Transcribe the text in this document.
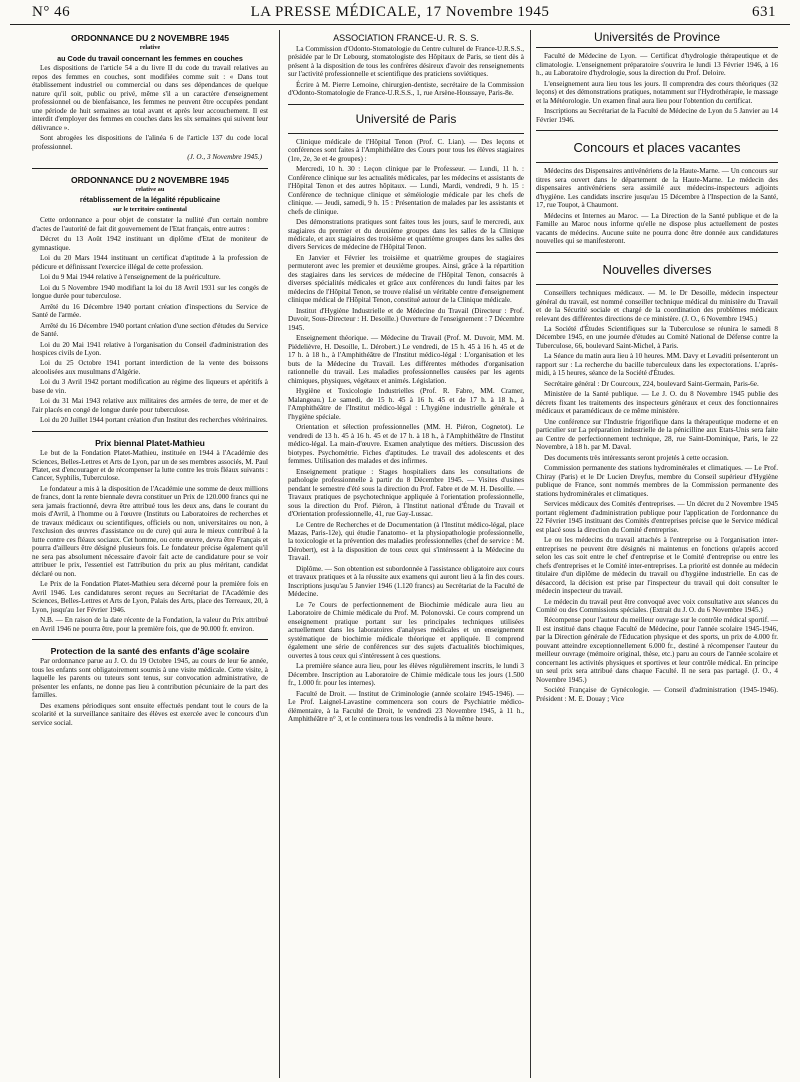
N° 46	LA PRESSE MÉDICALE, 17 Novembre 1945	631
ORDONNANCE DU 2 NOVEMBRE 1945
relative
au Code du travail concernant les femmes en couches

Les dispositions de l'article 54 a du livre II du code du travail relatives au repos des femmes en couches, sont modifiées comme suit : « Dans tout établissement industriel ou commercial ou dans ses dépendances de quelque nature qu'il soit, public ou privé, même s'il a un caractère d'enseignement professionnel ou de bienfaisance, les femmes ne peuvent être occupées pendant une période de huit semaines au total avant et après leur accouchement. Il est interdit d'employer des femmes en couches dans les six semaines qui suivent leur délivrance ».

Sont abrogées les dispositions de l'alinéa 6 de l'article 137 du code local professionnel.

(J. O., 3 Novembre 1945.)
ORDONNANCE DU 2 NOVEMBRE 1945
relative au
rétablissement de la légalité républicaine
sur le territoire continental

Cette ordonnance a pour objet de constater la nullité d'un certain nombre d'actes de l'autorité de fait dit gouvernement de l'Etat français, entre autres :

Décret du 13 Août 1942 instituant un diplôme d'Etat de moniteur de gymnastique.

Loi du 20 Mars 1944 instituant un certificat d'aptitude à la profession de pédicure et définissant l'exercice illégal de cette profession.

Loi du 9 Mai 1944 relative à l'enseignement de la puériculture.

Loi du 5 Novembre 1940 modifiant la loi du 18 Avril 1931 sur les congés de longue durée pour tuberculose.

Arrêté du 16 Décembre 1940 portant création d'inspections du Service de Santé de l'armée.

Arrêté du 16 Décembre 1940 portant création d'une section d'études du Service de Santé.

Loi du 20 Mai 1941 relative à l'organisation du Conseil d'administration des hospices civils de Lyon.

Loi du 25 Octobre 1941 portant interdiction de la vente des boissons alcoolisées aux musulmans d'Algérie.

Loi du 3 Avril 1942 portant modification au régime des liqueurs et apéritifs à base de vin.

Loi du 31 Mai 1943 relative aux militaires des armées de terre, de mer et de l'air placés en congé de longue durée pour tuberculose.

Loi du 20 Juillet 1944 portant création d'un Institut des recherches vétérinaires.

Prix biennal Platet-Mathieu

Le but de la Fondation Platet-Mathieu, instituée en 1944 à l'Académie des Sciences, Belles-Lettres et Arts de Lyon, par un de ses membres associés, M. Paul Platet, est d'encourager et de récompenser la lutte contre les trois fléaux suivants : Cancer, Syphilis, Tuberculose.

Le fondateur a mis à la disposition de l'Académie une somme de deux millions de francs, dont la rente biennale devra constituer un Prix de 120.000 francs qui ne sera jamais fractionné, devra être attribué tous les deux ans, dans le courant du mois d'Avril, à l'homme ou à l'œuvre (Instituts ou Laboratoires de recherches et de travaux médicaux ou scientifiques, officiels ou non, universitaires ou non, à l'exclusion des œuvres d'assistance ou de cure) qui aura le mieux contribué à la lutte contre ces fléaux sociaux. Cet homme, ou cette œuvre, devra être Français et pourra d'ailleurs être désigné plusieurs fois. Le fondateur précise également qu'il ne sera pas absolument nécessaire d'avoir fait acte de candidature pour se voir attribuer le prix, l'essentiel est l'attribution du prix au plus méritant, candidat déclaré ou non.

Le Prix de la Fondation Platet-Mathieu sera décerné pour la première fois en Avril 1946. Les candidatures seront reçues au Secrétariat de l'Académie des Sciences, Belles-Lettres et Arts de Lyon, Palais des Arts, place des Terreaux, 20, à Lyon, jusqu'au 1er Février 1946.

N.B. — En raison de la date récente de la Fondation, la valeur du Prix attribué en Avril 1946 ne pourra être, pour la première fois, que de 90.000 fr. environ.

Protection de la santé des enfants d'âge scolaire

Par ordonnance parue au J. O. du 19 Octobre 1945, au cours de leur 6e année, tous les enfants sont obligatoirement soumis à une visite médicale. Cette visite, à laquelle les parents ou tuteurs sont tenus, sur convocation administrative, de présenter les enfants, ne donne pas lieu à contribution pécuniaire de la part des familles.

Des examens périodiques sont ensuite effectués pendant tout le cours de la scolarité et la surveillance sanitaire des élèves est exercée avec le concours d'un service social.

ASSOCIATION FRANCE-U. R. S. S.

La Commission d'Odonto-Stomatologie du Centre culturel de France-U.R.S.S., présidée par le Dr Lebourg, stomatologiste des Hôpitaux de Paris, se tient dès à présent à la disposition de tous les confrères désireux d'avoir des renseignements sur l'activité professionnelle et scientifique des praticiens soviétiques.

Écrire à M. Pierre Lemoine, chirurgien-dentiste, secrétaire de la Commission d'Odonto-Stomatologie de France-U.R.S.S., 1, rue Arsène-Houssaye, Paris-8e.

Université de Paris

Clinique médicale de l'Hôpital Tenon (Prof. C. Lian). — Des leçons et conférences sont faites à l'Amphithéâtre des Cours pour tous les élèves stagiaires (1re, 2e, 3e et 4e groupes) :

Mercredi, 10 h. 30 : Leçon clinique par le Professeur. — Lundi, 11 h. : Conférence clinique sur les actualités médicales, par les médecins et assistants de l'Hôpital Tenon et des autres hôpitaux. — Lundi, Mardi, vendredi, 9 h. 15 : Conférence de technique clinique et séméiologie médicale par les chefs de clinique. — Jeudi, samedi, 9 h. 15 : Présentation de malades par les assistants et chefs de clinique.

Des démonstrations pratiques sont faites tous les jours, sauf le mercredi, aux stagiaires du premier et du deuxième groupes dans les salles de la Clinique médicale, et aux stagiaires des troisième et quatrième groupes dans les salles des divers Services de médecine de l'Hôpital Tenon.

En Janvier et Février les troisième et quatrième groupes de stagiaires permuteront avec les premier et deuxième groupes. Ainsi, grâce à la répartition des stagiaires dans les services de médecine de l'Hôpital Tenon, consacrés à diverses spécialités médicales et grâce aux conférences du lundi faites par les médecins de l'Hôpital Tenon, se trouve réalisé un véritable centre d'enseignement clinique médical de l'Hôpital Tenon, constitué autour de la Clinique médicale.

Institut d'Hygiène Industrielle et de Médecine du Travail (Directeur : Prof. Duvoir, Sous-Directeur : H. Desoille.) Ouverture de l'enseignement : 7 Décembre 1945.

Enseignement théorique. — Médecine du Travail (Prof. M. Duvoir, MM. M. Piédelièvre, H. Desoille, L. Dérobert.) Le vendredi, de 15 h. 45 à 16 h. 45 et de 17 h. à 18 h., à l'Amphithéâtre de l'Institut médico-légal : L'organisation et les buts de la Médecine du Travail. Les différentes méthodes d'organisation rationnelle du travail. Les maladies professionnelles causées par les agents chimiques, physiques, végétaux et animés. Législation.

Hygiène et Toxicologie Industrielles (Prof. R. Fabre, MM. Cramer, Malangeau.) Le samedi, de 15 h. 45 à 16 h. 45 et de 17 h. à 18 h., à l'Amphithéâtre de l'Institut médico-légal : L'hygiène industrielle générale et l'hygiène spéciale.

Orientation et sélection professionnelles (MM. H. Piéron, Cognetot). Le vendredi de 13 h. 45 à 16 h. 45 et de 17 h. à 18 h., à l'Amphithéâtre de l'Institut médico-légal. La main-d'œuvre. Examen analytique des métiers. Discussion des biotypes. Psychométrie. Fiches d'aptitudes. Le travail des adolescents et des femmes. Utilisation des malades et des infirmes.

Enseignement pratique : Stages hospitaliers dans les consultations de pathologie professionnelle à partir du 8 Décembre 1945. — Visites d'usines pendant le semestre d'été sous la direction du Prof. Fabre et de M. H. Desoille. — Travaux pratiques de psychotechnique appliquée à l'orientation professionnelle, sous la direction du Prof. Piéron, à l'Institut national d'Étude du Travail et d'Orientation professionnelle, 41, rue Gay-Lussac.

Le Centre de Recherches et de Documentation (à l'Institut médico-légal, place Mazas, Paris-12e), qui étudie l'anatomo- et la physiopathologie professionnelle, la toxicologie et la prévention des maladies professionnelles (chef de service : M. Dérobert), est à la disposition de tous ceux qui s'intéressent à la Médecine du Travail.

Diplôme. — Son obtention est subordonnée à l'assistance obligatoire aux cours et travaux pratiques et à la réussite aux examens qui auront lieu à la fin des cours. Inscriptions jusqu'au 5 Janvier 1946 (1.120 francs) au Secrétariat de la Faculté de Médecine.

Le 7e Cours de perfectionnement de Biochimie médicale aura lieu au Laboratoire de Chimie médicale du Prof. M. Polonovski. Ce cours comprend un enseignement pratique portant sur les principales techniques utilisées actuellement dans les laboratoires d'analyses médicales et un enseignement systématique de biochimie médicale théorique et appliquée. Il comprend également une série de conférences sur des sujets d'actualités biochimiques, ouvertes à tous ceux qui s'intéressent à ces questions.

La première séance aura lieu, pour les élèves régulièrement inscrits, le lundi 3 Décembre. Inscription au Laboratoire de Chimie médicale tous les jours (1.500 fr., 1.000 fr. pour les internes).

Faculté de Droit. — Institut de Criminologie (année scolaire 1945-1946). — Le Prof. Laignel-Lavastine commencera son cours de Psychiatrie médico-élémentaire, à la Faculté de Droit, le vendredi 23 Novembre 1945, à 11 h., Amphithéâtre n° 3, et le continuera tous les vendredis à la même heure.

Universités de Province

Faculté de Médecine de Lyon. — Certificat d'hydrologie thérapeutique et de climatologie. L'enseignement préparatoire s'ouvrira le lundi 13 Février 1946, à 16 h., au Laboratoire d'hydrologie, sous la direction du Prof. Deloire.

L'enseignement aura lieu tous les jours. Il comprendra des cours théoriques (32 leçons) et des démonstrations pratiques, notamment sur l'Hydrothérapie, le massage et la Météorologie. Un examen final aura lieu pour l'obtention du certificat.

Inscriptions au Secrétariat de la Faculté de Médecine de Lyon du 5 Janvier au 14 Février 1946.

Concours et places vacantes

Médecins des Dispensaires antivénériens de la Haute-Marne. — Un concours sur titres sera ouvert dans le département de la Haute-Marne. Le médecin des dispensaires antivénériens sera assimilé aux médecins-inspecteurs adjoints d'hygiène. Les candidats inscrire jusqu'au 15 Décembre à l'Inspection de la Santé, 17, rue Toupot, à Chaumont.

Médecins et Internes au Maroc. — La Direction de la Santé publique et de la Famille au Maroc nous informe qu'elle ne dispose plus actuellement de postes vacants de médecins. Aucune suite ne pourra donc être donnée aux candidatures nouvelles qui se manifesteront.

Nouvelles diverses

Conseillers techniques médicaux. — M. le Dr Desoille, médecin inspecteur général du travail, est nommé conseiller technique médical du ministère du Travail et de la Sécurité sociale et chargé de la coordination des problèmes médicaux relevant des différentes directions de ce ministère. (J. O., 6 Novembre 1945.)

La Société d'Études Scientifiques sur la Tuberculose se réunira le samedi 8 Décembre 1945, en une journée d'études au Comité National de Défense contre la Tuberculose, 66, boulevard Saint-Michel, à Paris.

La Séance du matin aura lieu à 10 heures. MM. Davy et Levaditi présenteront un rapport sur : La recherche du bacille tuberculeux dans les expectorations. L'après-midi, à 15 heures, séance de la Société d'Études.

Secrétaire général : Dr Courcoux, 224, boulevard Saint-Germain, Paris-6e.

Ministère de la Santé publique. — Le J. O. du 8 Novembre 1945 publie des décrets fixant les traitements des inspecteurs généraux et ceux des fonctionnaires médicaux et paramédicaux de ce même ministère.

Une conférence sur l'Industrie frigorifique dans la thérapeutique moderne et en particulier sur La préparation industrielle de la pénicilline aux Etats-Unis sera faite au Centre de perfectionnement technique, 28, rue Saint-Dominique, Paris, le 22 Novembre, à 18 h. par M. Daval.

Des documents très intéressants seront projetés à cette occasion.

Commission permanente des stations hydrominérales et climatiques. — Le Prof. Chiray (Paris) et le Dr Lucien Dreyfus, membre du Conseil supérieur d'Hygiène publique de France, sont nommés membres de la Commission permanente des stations hydrominérales et climatiques.

Services médicaux des Comités d'entreprises. — Un décret du 2 Novembre 1945 portant règlement d'administration publique pour l'application de l'ordonnance du 22 Février 1945 instituant des Comités d'entreprises précise que le Service médical est placé sous la direction du Comité d'entreprise.

Le ou les médecins du travail attachés à l'entreprise ou à l'organisation inter-entreprises ne peuvent être désignés ni maintenus en fonctions qu'après accord selon les cas soit entre le chef d'entreprise et le Comité d'entreprise ou entre les chefs d'entreprises et le Comité inter-entreprises. La priorité est donnée au médecin titulaire d'un diplôme de médecin du travail ou d'hygiène industrielle. En cas de désaccord, la décision est prise par l'inspecteur du travail qui doit consulter le médecin inspecteur du travail.

Le médecin du travail peut être convoqué avec voix consultative aux séances du Comité ou des Commissions spéciales. (Extrait du J. O. du 6 Novembre 1945.)

Récompense pour l'auteur du meilleur ouvrage sur le contrôle médical sportif. — Il est institué dans chaque Faculté de Médecine, pour l'année scolaire 1945-1946, par la Direction générale de l'Education physique et des sports, un prix de 4.000 fr. pouvant atteindre exceptionnellement 6.000 fr., destiné à récompenser l'auteur du meilleur ouvrage (mémoire original, thèse, etc.) paru au cours de l'année scolaire et concernant les activités physiques et sportives et leur contrôle médical. En principe un seul prix sera attribué dans chaque Faculté. Il ne sera pas partagé. (J. O., 4 Novembre 1945.)

Société Française de Gynécologie. — Conseil d'administration (1945-1946). Président : M. E. Douay ; Vice
